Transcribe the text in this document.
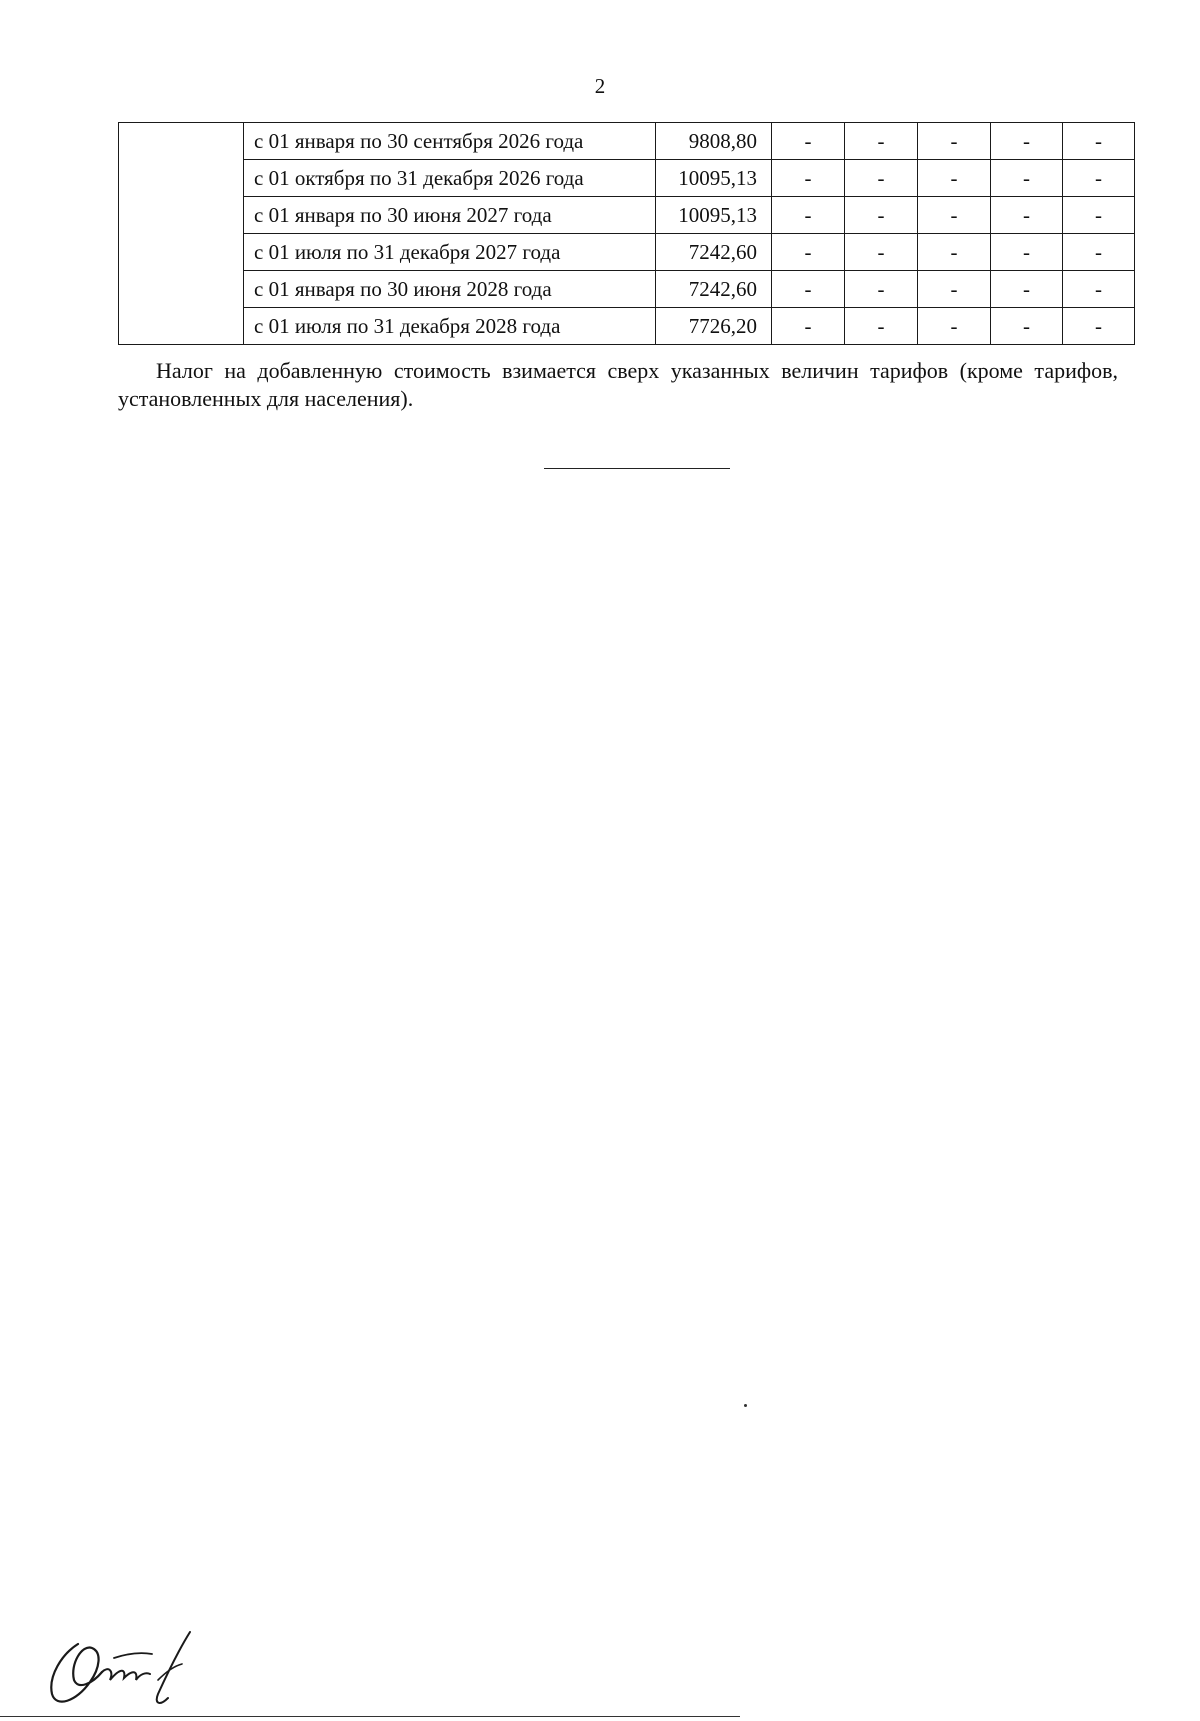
2
	с 01 января по 30 сентября 2026 года	9808,80	-	-	-	-	-
	с 01 октября по 31 декабря 2026 года	10095,13	-	-	-	-	-
	с 01 января по 30 июня 2027 года	10095,13	-	-	-	-	-
	с 01 июля по 31 декабря 2027 года	7242,60	-	-	-	-	-
	с 01 января по 30 июня 2028 года	7242,60	-	-	-	-	-
	с 01 июля по 31 декабря 2028 года	7726,20	-	-	-	-	-

Налог на добавленную стоимость взимается сверх указанных величин тарифов (кроме тарифов, установленных для населения).
